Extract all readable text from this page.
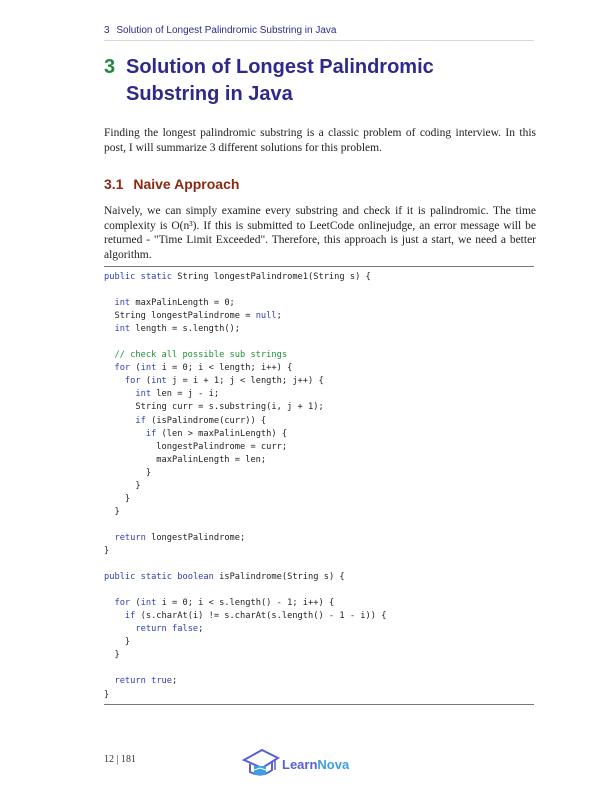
3 Solution of Longest Palindromic Substring in Java
3 Solution of Longest Palindromic Substring in Java
Finding the longest palindromic substring is a classic problem of coding interview. In this post, I will summarize 3 different solutions for this problem.
3.1 Naive Approach
Naively, we can simply examine every substring and check if it is palindromic. The time complexity is O(n³). If this is submitted to LeetCode onlinejudge, an error message will be returned - "Time Limit Exceeded". Therefore, this approach is just a start, we need a better algorithm.
public static String longestPalindrome1(String s) {

int maxPalinLength = 0;
String longestPalindrome = null;
int length = s.length();

// check all possible sub strings
for (int i = 0; i < length; i++) {
for (int j = i + 1; j < length; j++) {
int len = j - i;
String curr = s.substring(i, j + 1);
if (isPalindrome(curr)) {
if (len > maxPalinLength) {
longestPalindrome = curr;
maxPalinLength = len;
}
}
}
}

return longestPalindrome;
}

public static boolean isPalindrome(String s) {

for (int i = 0; i < s.length() - 1; i++) {
if (s.charAt(i) != s.charAt(s.length() - 1 - i)) {
return false;
}
}

return true;
}

12 | 181	LearnNova
